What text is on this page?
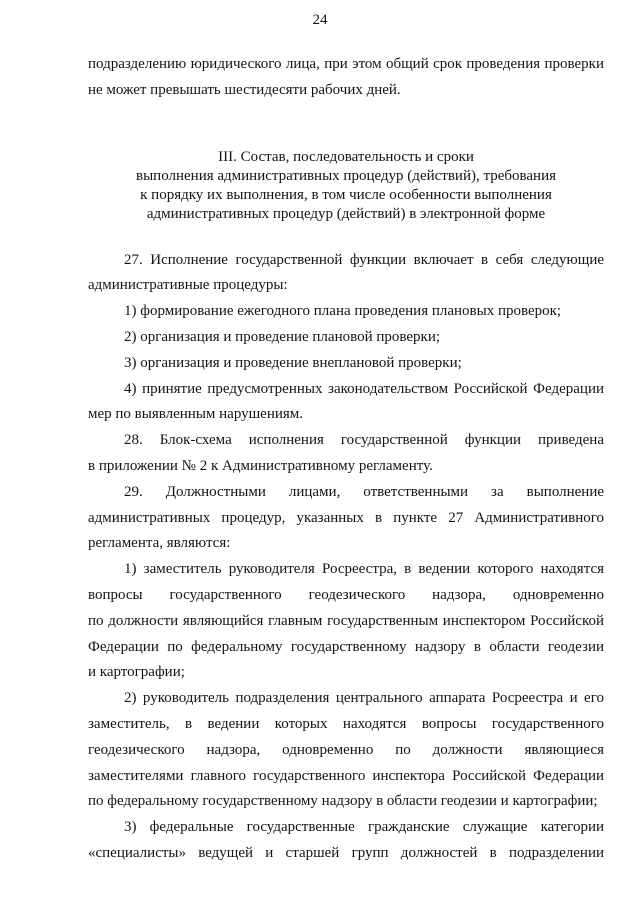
24
подразделению юридического лица, при этом общий срок проведения проверки
не может превышать шестидесяти рабочих дней.
III. Состав, последовательность и сроки
выполнения административных процедур (действий), требования
к порядку их выполнения, в том числе особенности выполнения
административных процедур (действий) в электронной форме
27. Исполнение государственной функции включает в себя следующие
административные процедуры:
1) формирование ежегодного плана проведения плановых проверок;
2) организация и проведение плановой проверки;
3) организация и проведение внеплановой проверки;
4) принятие предусмотренных законодательством Российской Федерации
мер по выявленным нарушениям.
28. Блок-схема исполнения государственной функции приведена
в приложении № 2 к Административному регламенту.
29. Должностными лицами, ответственными за выполнение
административных процедур, указанных в пункте 27 Административного
регламента, являются:
1) заместитель руководителя Росреестра, в ведении которого находятся
вопросы государственного геодезического надзора, одновременно
по должности являющийся главным государственным инспектором Российской
Федерации по федеральному государственному надзору в области геодезии
и картографии;
2) руководитель подразделения центрального аппарата Росреестра и его
заместитель, в ведении которых находятся вопросы государственного
геодезического надзора, одновременно по должности являющиеся
заместителями главного государственного инспектора Российской Федерации
по федеральному государственному надзору в области геодезии и картографии;
3) федеральные государственные гражданские служащие категории
«специалисты» ведущей и старшей групп должностей в подразделении
